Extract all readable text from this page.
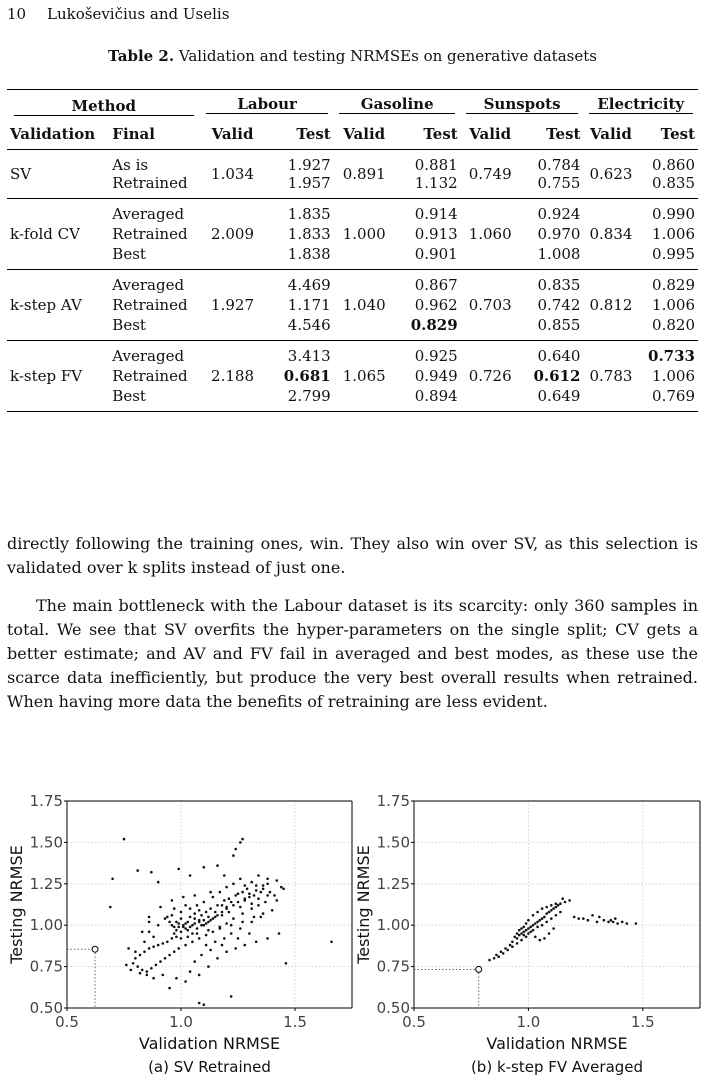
10 Lukoševičius and Uselis
Table 2. Validation and testing NRMSEs on generative datasets
Method		Labour		Gasoline		Sunspots		Electricity	
Validation	Final	Valid	Test	Valid	Test	Valid	Test	Valid	Test
SV	As is	1.034	1.927	0.891	0.881	0.749	0.784	0.623	0.860
	Retrained		1.957		1.132		0.755		0.835
k-fold CV	Averaged	2.009	1.835	1.000	0.914	1.060	0.924	0.834	0.990
	Retrained		1.833		0.913		0.970		1.006
	Best		1.838		0.901		1.008		0.995
k-step AV	Averaged	1.927	4.469	1.040	0.867	0.703	0.835	0.812	0.829
	Retrained		1.171		0.962		0.742		1.006
	Best		4.546		0.829		0.855		0.820
k-step FV	Averaged	2.188	3.413	1.065	0.925	0.726	0.640	0.783	0.733
	Retrained		0.681		0.949		0.612		1.006
	Best		2.799		0.894		0.649		0.769
directly following the training ones, win. They also win over SV, as this selection is validated over k splits instead of just one.
The main bottleneck with the Labour dataset is its scarcity: only 360 samples in total. We see that SV overfits the hyper-parameters on the single split; CV gets a better estimate; and AV and FV fail in averaged and best modes, as these use the scarce data inefficiently, but produce the very best overall results when retrained. When having more data the benefits of retraining are less evident.
0.5	1.0	1.5
0.50
0.75
1.00
1.25
1.50
1.75
Validation NRMSE
Testing NRMSE
(a) SV Retrained
0.5	1.0	1.5
0.50
0.75
1.00
1.25
1.50
1.75
Validation NRMSE
Testing NRMSE
(b) k-step FV Averaged
